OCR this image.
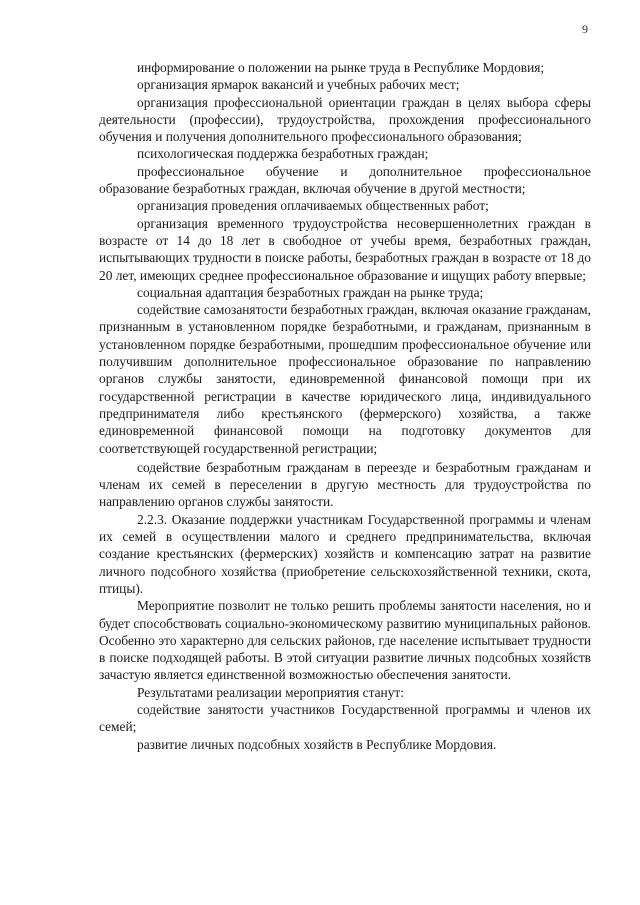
9

информирование о положении на рынке труда в Республике Мордовия;

организация ярмарок вакансий и учебных рабочих мест;

организация профессиональной ориентации граждан в целях выбора сферы деятельности (профессии), трудоустройства, прохождения профессионального обучения и получения дополнительного профессионального образования;

психологическая поддержка безработных граждан;

профессиональное обучение и дополнительное профессиональное образование безработных граждан, включая обучение в другой местности;

организация проведения оплачиваемых общественных работ;

организация временного трудоустройства несовершеннолетних граждан в возрасте от 14 до 18 лет в свободное от учебы время, безработных граждан, испытывающих трудности в поиске работы, безработных граждан в возрасте от 18 до 20 лет, имеющих среднее профессиональное образование и ищущих работу впервые;

социальная адаптация безработных граждан на рынке труда;

содействие самозанятости безработных граждан, включая оказание гражданам, признанным в установленном порядке безработными, и гражданам, признанным в установленном порядке безработными, прошедшим профессиональное обучение или получившим дополнительное профессиональное образование по направлению органов службы занятости, единовременной финансовой помощи при их государственной регистрации в качестве юридического лица, индивидуального предпринимателя либо крестьянского (фермерского) хозяйства, а также единовременной финансовой помощи на подготовку документов для соответствующей государственной регистрации;

содействие безработным гражданам в переезде и безработным гражданам и членам их семей в переселении в другую местность для трудоустройства по направлению органов службы занятости.

2.2.3. Оказание поддержки участникам Государственной программы и членам их семей в осуществлении малого и среднего предпринимательства, включая создание крестьянских (фермерских) хозяйств и компенсацию затрат на развитие личного подсобного хозяйства (приобретение сельскохозяйственной техники, скота, птицы).

Мероприятие позволит не только решить проблемы занятости населения, но и будет способствовать социально-экономическому развитию муниципальных районов. Особенно это характерно для сельских районов, где население испытывает трудности в поиске подходящей работы. В этой ситуации развитие личных подсобных хозяйств зачастую является единственной возможностью обеспечения занятости.

Результатами реализации мероприятия станут:

содействие занятости участников Государственной программы и членов их семей;

развитие личных подсобных хозяйств в Республике Мордовия.
